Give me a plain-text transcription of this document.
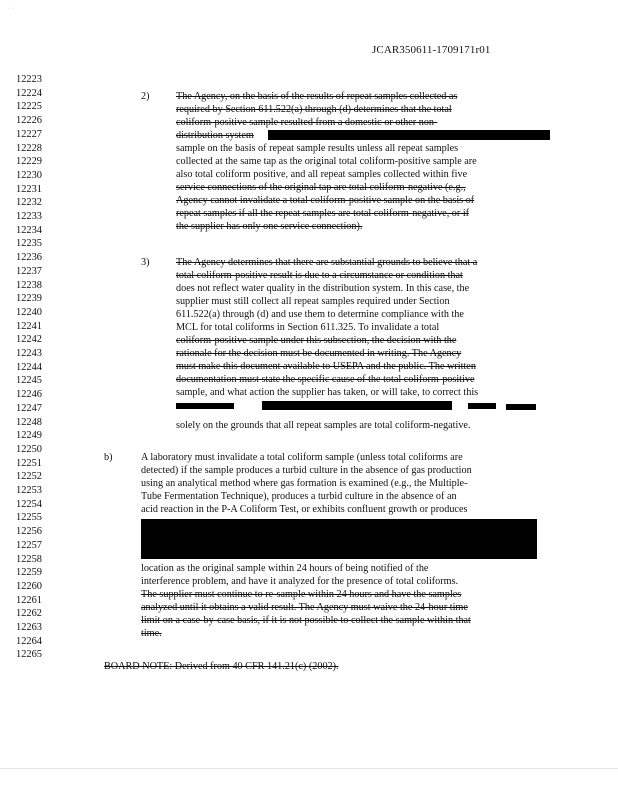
· ·
JCAR350611-1709171r01
12223
12224
12225
12226
12227
12228
12229
12230
12231
12232
12233
12234
12235
12236
12237
12238
12239
12240
12241
12242
12243
12244
12245
12246
12247
12248
12249
12250
12251
12252
12253
12254
12255
12256
12257
12258
12259
12260
12261
12262
12263
12264
12265
2)	The Agency, on the basis of the results of repeat samples collected as
required by Section 611.522(a) through (d) determines that the total
coliform-positive sample resulted from a domestic or other non-
distribution system
sample on the basis of repeat sample results unless all repeat samples
collected at the same tap as the original total coliform-positive sample are
also total coliform positive, and all repeat samples collected within five
service connections of the original tap are total coliform-negative (e.g.,
Agency cannot invalidate a total coliform-positive sample on the basis of
repeat samples if all the repeat samples are total coliform-negative, or if
the supplier has only one service connection).
3)	The Agency determines that there are substantial grounds to believe that a
total coliform-positive result is due to a circumstance or condition that
does not reflect water quality in the distribution system. In this case, the
supplier must still collect all repeat samples required under Section
611.522(a) through (d) and use them to determine compliance with the
MCL for total coliforms in Section 611.325. To invalidate a total
coliform-positive sample under this subsection, the decision with the
rationale for the decision must be documented in writing. The Agency
must make this document available to USEPA and the public. The written
documentation must state the specific cause of the total coliform-positive
sample, and what action the supplier has taken, or will take, to correct this
solely on the grounds that all repeat samples are total coliform-negative.
b)	A laboratory must invalidate a total coliform sample (unless total coliforms are
detected) if the sample produces a turbid culture in the absence of gas production
using an analytical method where gas formation is examined (e.g., the Multiple-
Tube Fermentation Technique), produces a turbid culture in the absence of an
acid reaction in the P-A Coliform Test, or exhibits confluent growth or produces
location as the original sample within 24 hours of being notified of the
interference problem, and have it analyzed for the presence of total coliforms.
The supplier must continue to re-sample within 24 hours and have the samples
analyzed until it obtains a valid result. The Agency must waive the 24-hour time
limit on a case-by-case basis, if it is not possible to collect the sample within that
time.
BOARD NOTE: Derived from 40 CFR 141.21(c) (2002).
